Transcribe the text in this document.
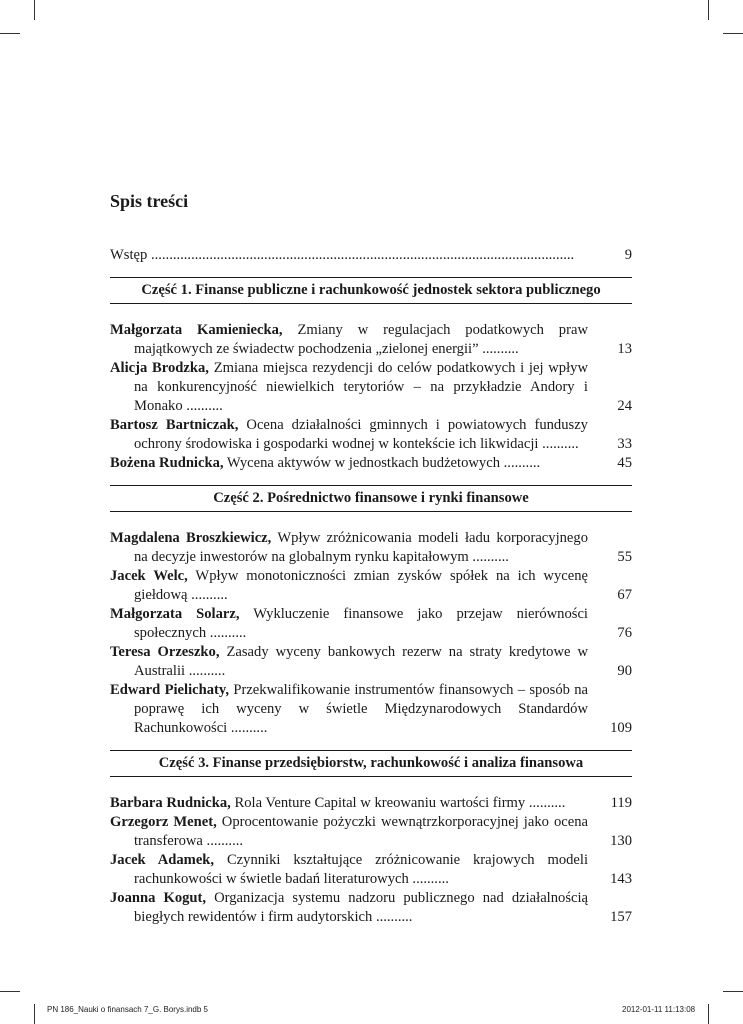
Spis treści
Wstęp ....................................................................................................................	9
Część 1. Finanse publiczne i rachunkowość jednostek sektora publicznego
Małgorzata Kamieniecka, Zmiany w regulacjach podatkowych praw majątkowych ze świadectw pochodzenia „zielonej energii” ..........	13
Alicja Brodzka, Zmiana miejsca rezydencji do celów podatkowych i jej wpływ na konkurencyjność niewielkich terytoriów – na przykładzie Andory i Monako ..........	24
Bartosz Bartniczak, Ocena działalności gminnych i powiatowych funduszy ochrony środowiska i gospodarki wodnej w kontekście ich likwidacji ..........	33
Bożena Rudnicka, Wycena aktywów w jednostkach budżetowych ..........	45
Część 2. Pośrednictwo finansowe i rynki finansowe
Magdalena Broszkiewicz, Wpływ zróżnicowania modeli ładu korporacyjnego na decyzje inwestorów na globalnym rynku kapitałowym ..........	55
Jacek Welc, Wpływ monotoniczności zmian zysków spółek na ich wycenę giełdową ..........	67
Małgorzata Solarz, Wykluczenie finansowe jako przejaw nierówności społecznych ..........	76
Teresa Orzeszko, Zasady wyceny bankowych rezerw na straty kredytowe w Australii ..........	90
Edward Pielichaty, Przekwalifikowanie instrumentów finansowych – sposób na poprawę ich wyceny w świetle Międzynarodowych Standardów Rachunkowości ..........	109
Część 3. Finanse przedsiębiorstw, rachunkowość i analiza finansowa
Barbara Rudnicka, Rola Venture Capital w kreowaniu wartości firmy ..........	119
Grzegorz Menet, Oprocentowanie pożyczki wewnątrzkorporacyjnej jako ocena transferowa ..........	130
Jacek Adamek, Czynniki kształtujące zróżnicowanie krajowych modeli rachunkowości w świetle badań literaturowych ..........	143
Joanna Kogut, Organizacja systemu nadzoru publicznego nad działalnością biegłych rewidentów i firm audytorskich ..........	157
PN 186_Nauki o finansach 7_G. Borys.indb 5	2012-01-11 11:13:08
